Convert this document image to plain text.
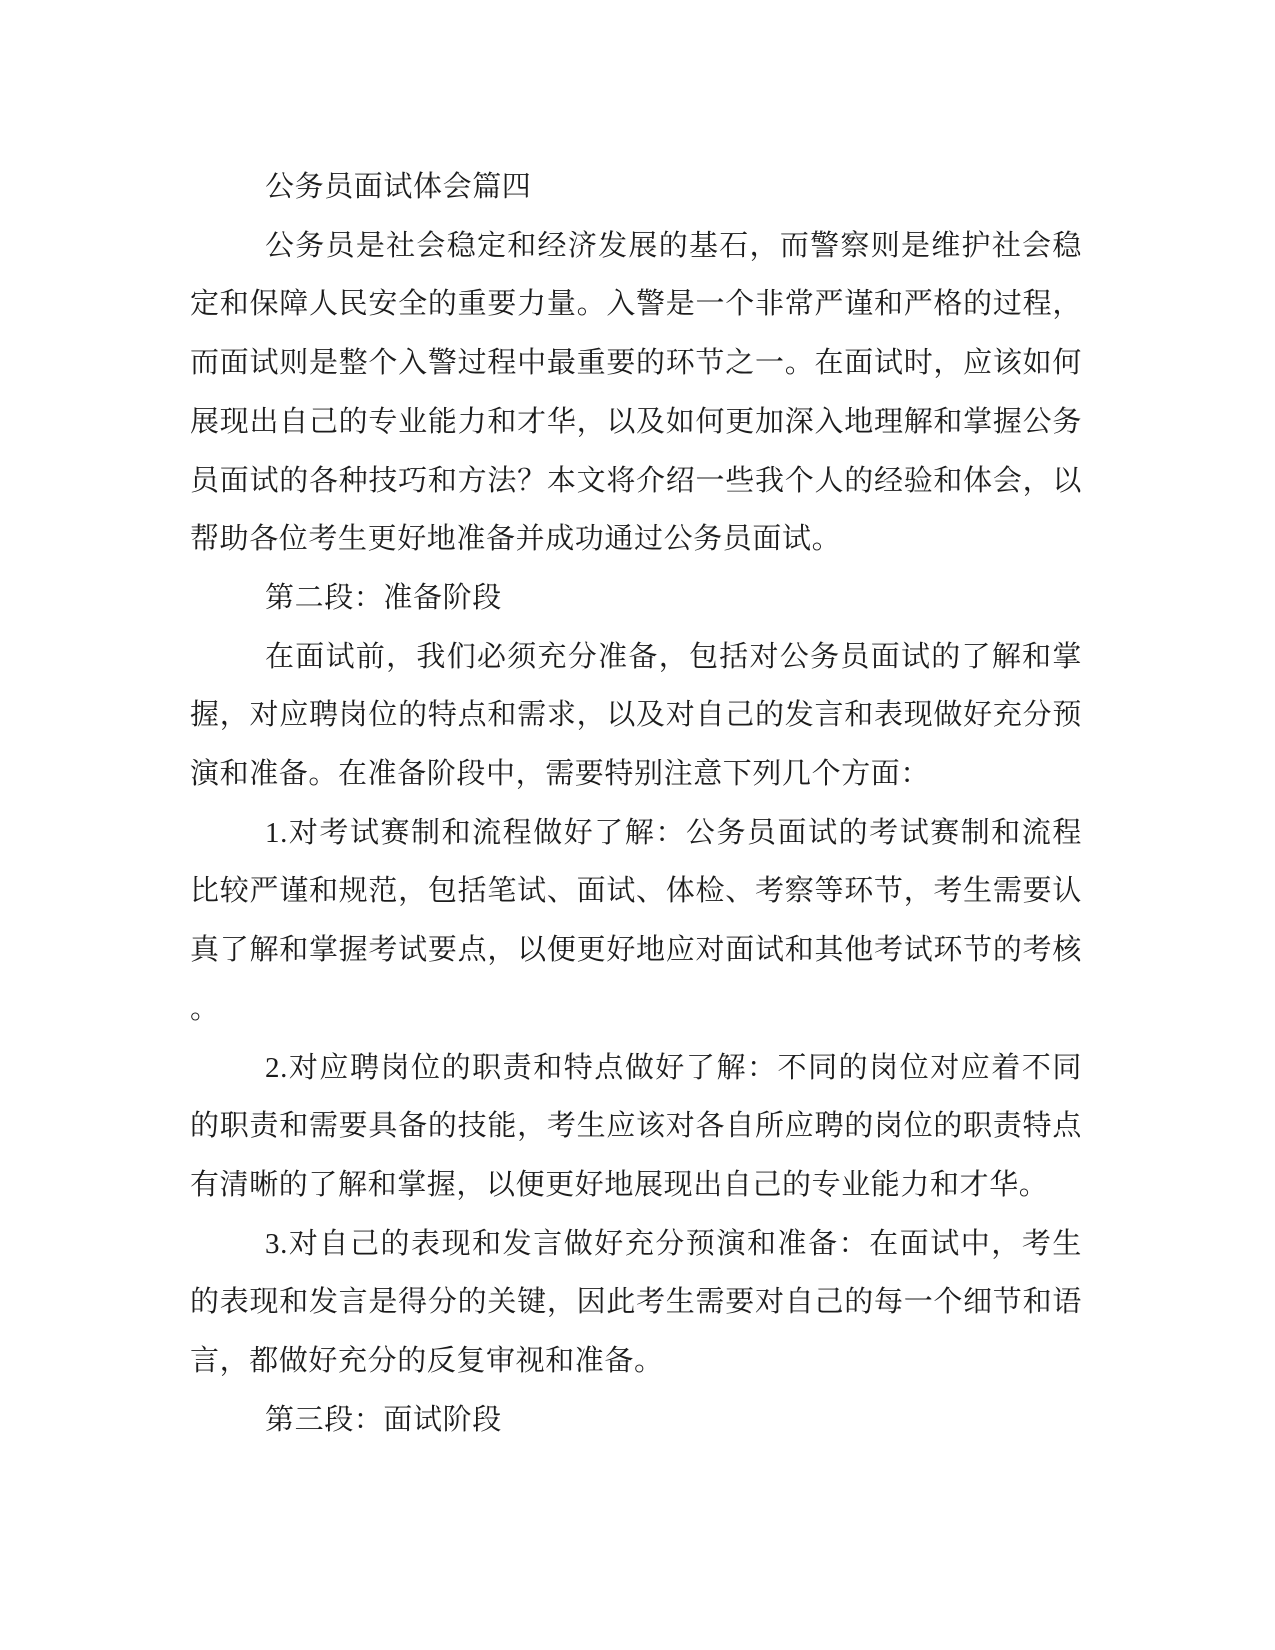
公务员面试体会篇四

公务员是社会稳定和经济发展的基石，而警察则是维护社会稳定和保障人民安全的重要力量。入警是一个非常严谨和严格的过程，而面试则是整个入警过程中最重要的环节之一。在面试时，应该如何展现出自己的专业能力和才华，以及如何更加深入地理解和掌握公务员面试的各种技巧和方法？本文将介绍一些我个人的经验和体会，以帮助各位考生更好地准备并成功通过公务员面试。

第二段：准备阶段

在面试前，我们必须充分准备，包括对公务员面试的了解和掌握，对应聘岗位的特点和需求，以及对自己的发言和表现做好充分预演和准备。在准备阶段中，需要特别注意下列几个方面：

1.对考试赛制和流程做好了解：公务员面试的考试赛制和流程比较严谨和规范，包括笔试、面试、体检、考察等环节，考生需要认真了解和掌握考试要点，以便更好地应对面试和其他考试环节的考核。

2.对应聘岗位的职责和特点做好了解：不同的岗位对应着不同的职责和需要具备的技能，考生应该对各自所应聘的岗位的职责特点有清晰的了解和掌握，以便更好地展现出自己的专业能力和才华。

3.对自己的表现和发言做好充分预演和准备：在面试中，考生的表现和发言是得分的关键，因此考生需要对自己的每一个细节和语言，都做好充分的反复审视和准备。

第三段：面试阶段
